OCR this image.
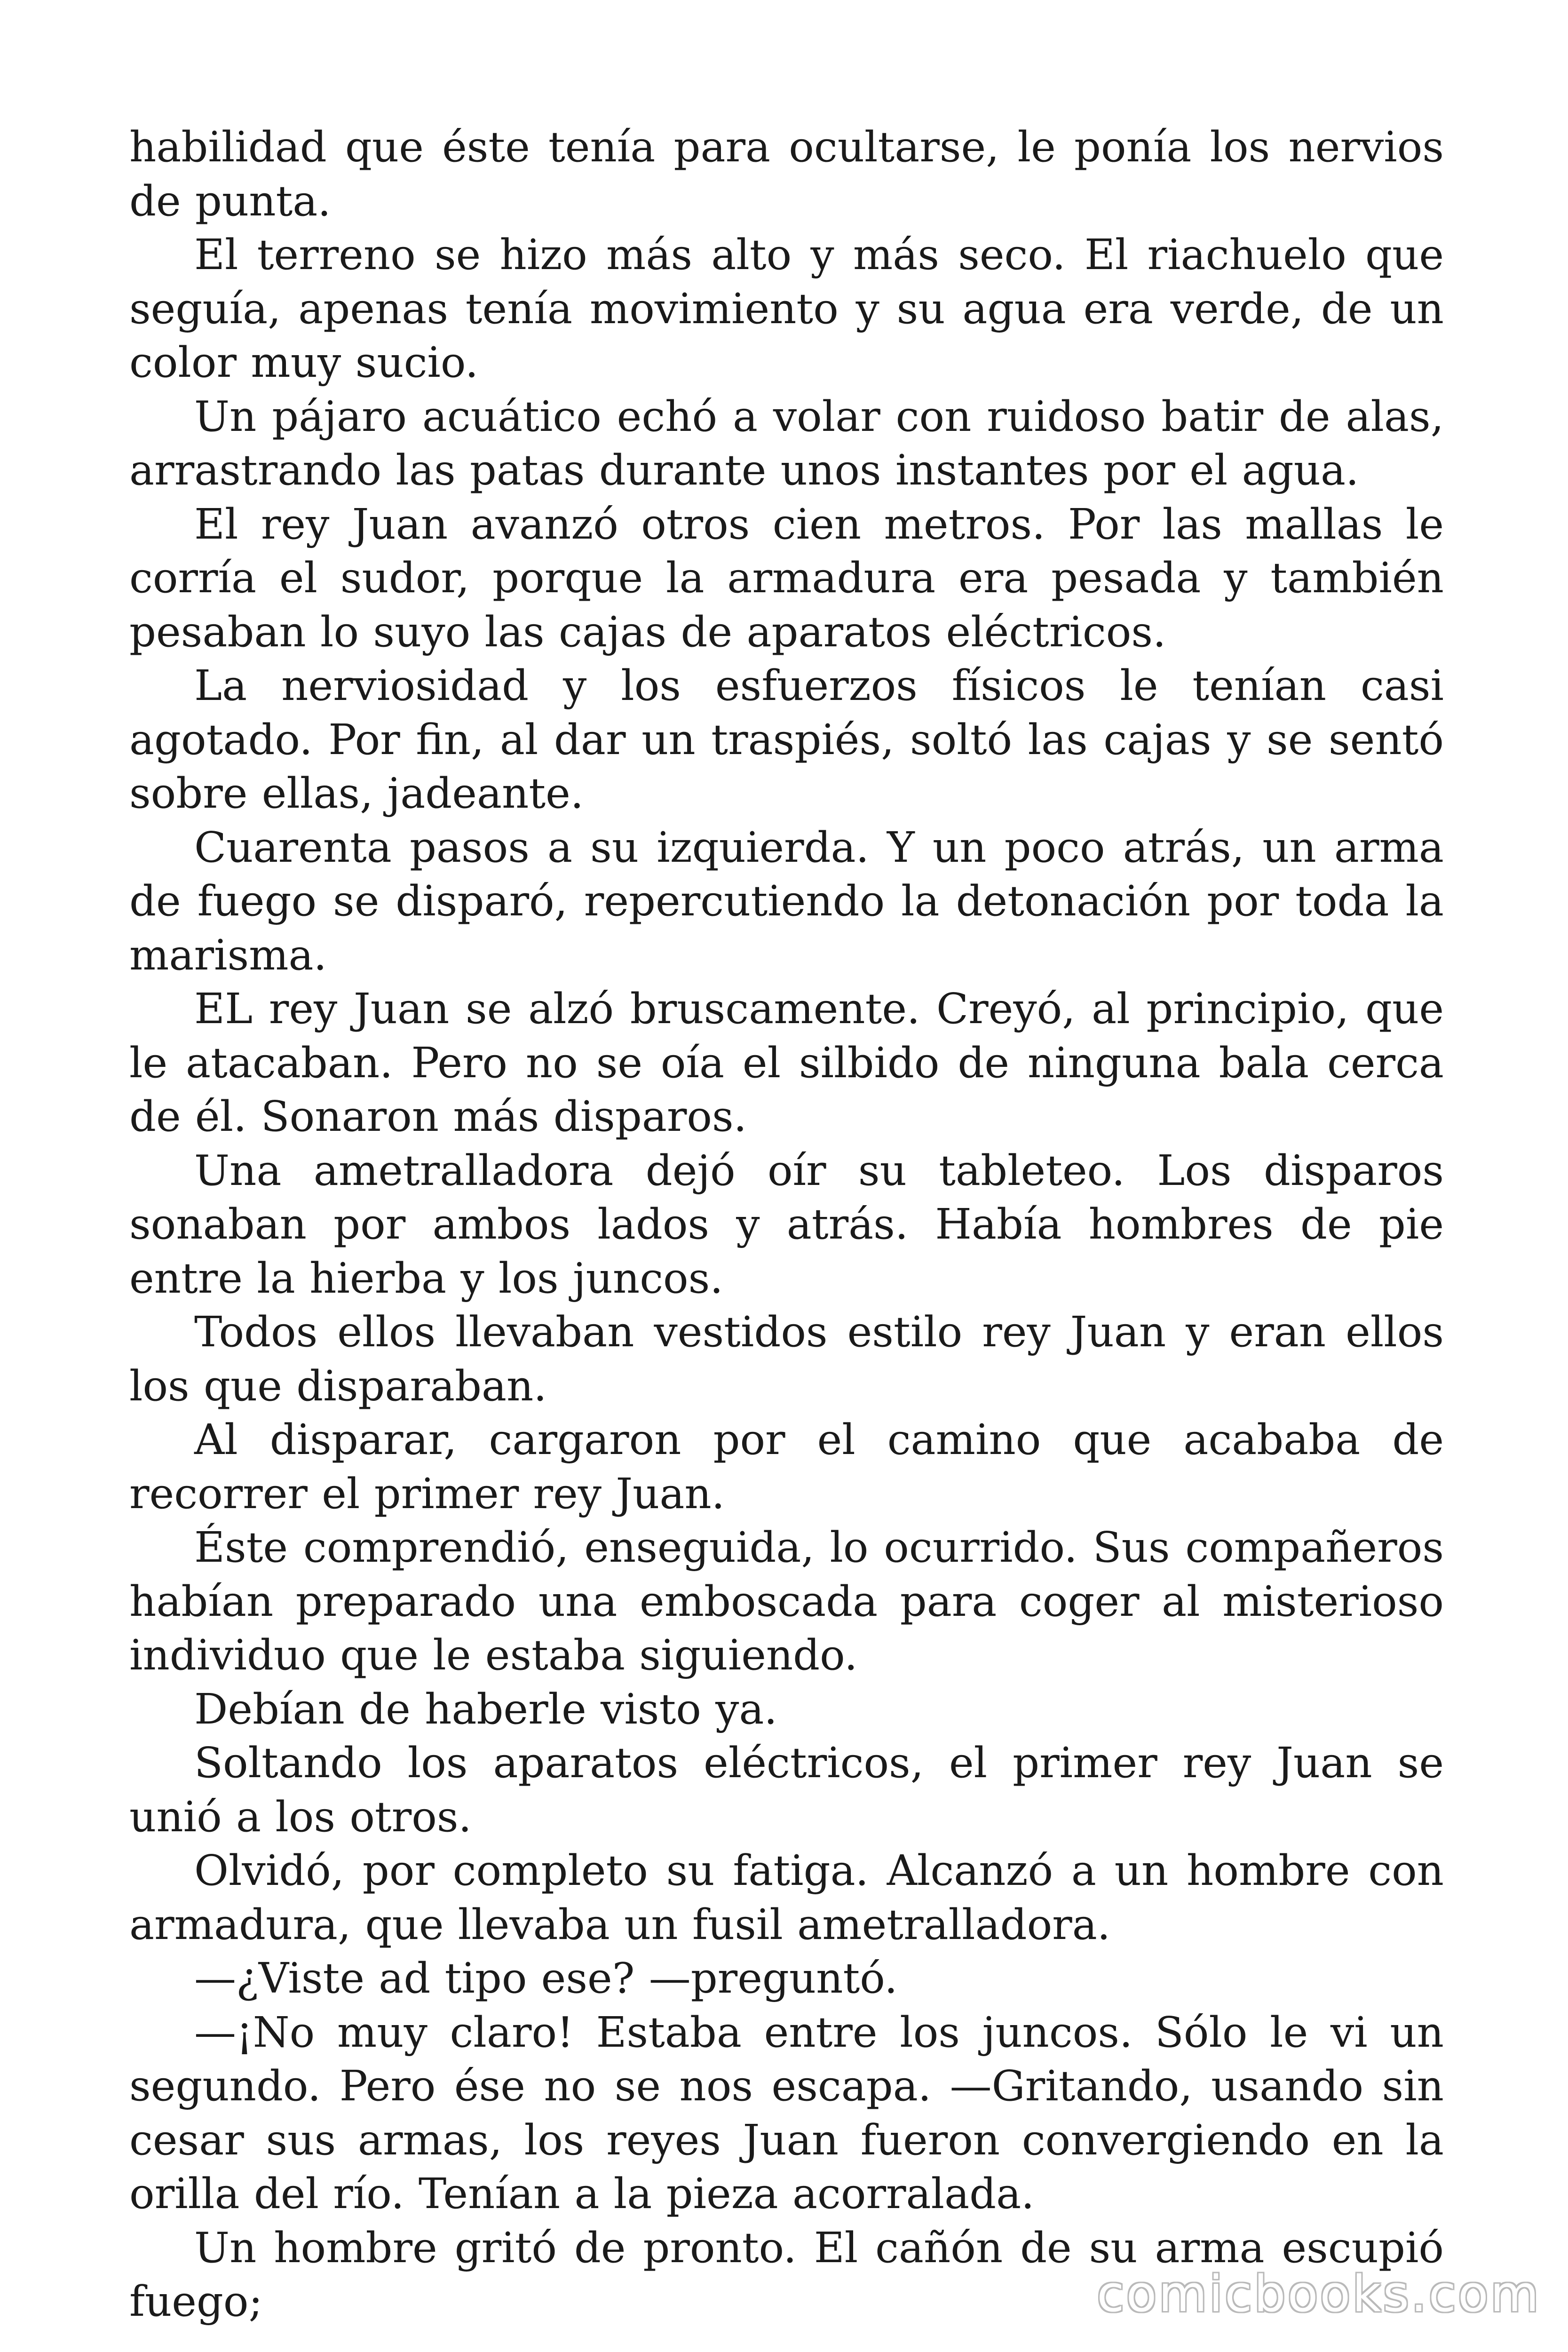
habilidad que éste tenía para ocultarse, le ponía los nervios de punta.

El terreno se hizo más alto y más seco. El riachuelo que seguía, apenas tenía movimiento y su agua era verde, de un color muy sucio.

Un pájaro acuático echó a volar con ruidoso batir de alas, arrastrando las patas durante unos instantes por el agua.

El rey Juan avanzó otros cien metros. Por las mallas le corría el sudor, porque la armadura era pesada y también pesaban lo suyo las cajas de aparatos eléctricos.

La nerviosidad y los esfuerzos físicos le tenían casi agotado. Por fin, al dar un traspiés, soltó las cajas y se sentó sobre ellas, jadeante.

Cuarenta pasos a su izquierda. Y un poco atrás, un arma de fuego se disparó, repercutiendo la detonación por toda la marisma.

EL rey Juan se alzó bruscamente. Creyó, al principio, que le atacaban. Pero no se oía el silbido de ninguna bala cerca de él. Sonaron más disparos.

Una ametralladora dejó oír su tableteo. Los disparos sonaban por ambos lados y atrás. Había hombres de pie entre la hierba y los juncos.

Todos ellos llevaban vestidos estilo rey Juan y eran ellos los que disparaban.

Al disparar, cargaron por el camino que acababa de recorrer el primer rey Juan.

Éste comprendió, enseguida, lo ocurrido. Sus compañeros habían preparado una emboscada para coger al misterioso individuo que le estaba siguiendo.

Debían de haberle visto ya.

Soltando los aparatos eléctricos, el primer rey Juan se unió a los otros.

Olvidó, por completo su fatiga. Alcanzó a un hombre con armadura, que llevaba un fusil ametralladora.

—¿Viste ad tipo ese? —preguntó.

—¡No muy claro! Estaba entre los juncos. Sólo le vi un segundo. Pero ése no se nos escapa. —Gritando, usando sin cesar sus armas, los reyes Juan fueron convergiendo en la orilla del río. Tenían a la pieza acorralada.

Un hombre gritó de pronto. El cañón de su arma escupió fuego;	comicbooks.com
